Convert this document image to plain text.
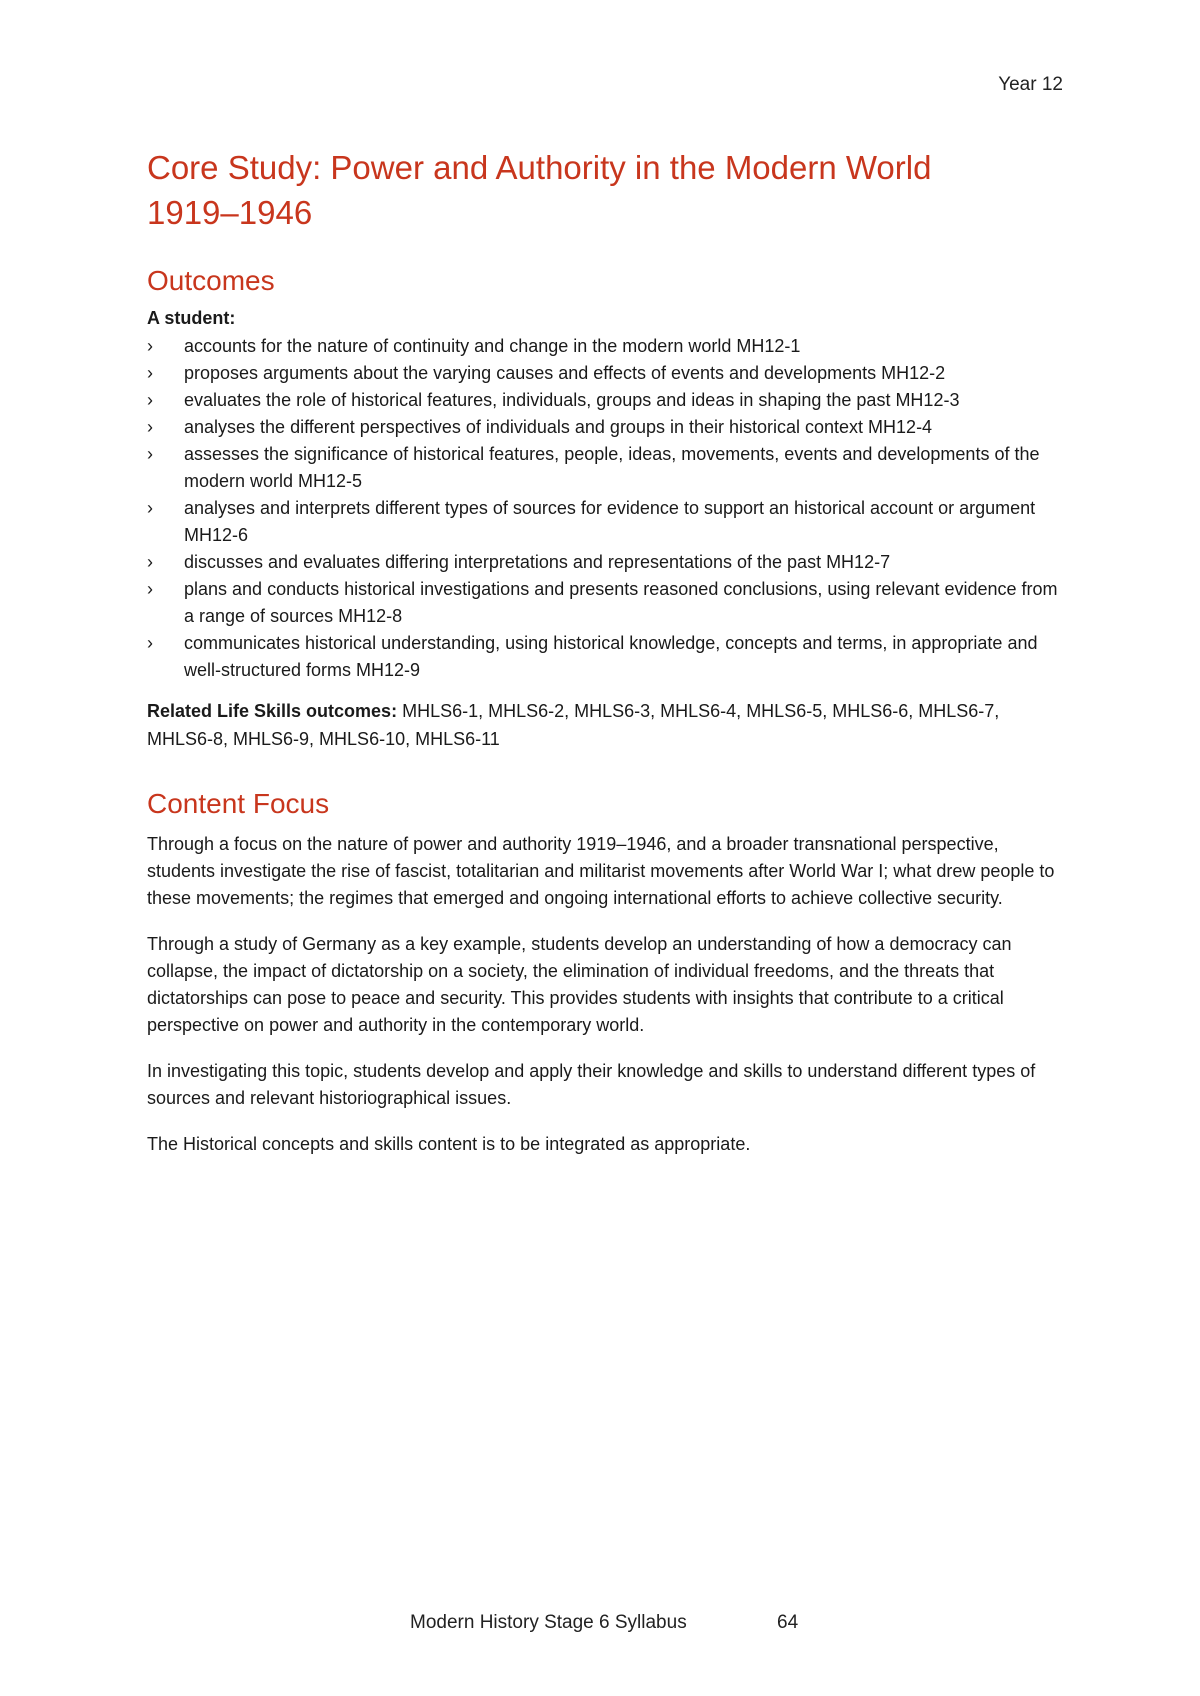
Year 12
Core Study: Power and Authority in the Modern World
1919–1946
Outcomes
A student:
› accounts for the nature of continuity and change in the modern world MH12-1
› proposes arguments about the varying causes and effects of events and developments MH12-2
› evaluates the role of historical features, individuals, groups and ideas in shaping the past MH12-3
› analyses the different perspectives of individuals and groups in their historical context MH12-4
› assesses the significance of historical features, people, ideas, movements, events and developments of the modern world MH12-5
› analyses and interprets different types of sources for evidence to support an historical account or argument MH12-6
› discusses and evaluates differing interpretations and representations of the past MH12-7
› plans and conducts historical investigations and presents reasoned conclusions, using relevant evidence from a range of sources MH12-8
› communicates historical understanding, using historical knowledge, concepts and terms, in appropriate and well-structured forms MH12-9

Related Life Skills outcomes: MHLS6-1, MHLS6-2, MHLS6-3, MHLS6-4, MHLS6-5, MHLS6-6, MHLS6-7, MHLS6-8, MHLS6-9, MHLS6-10, MHLS6-11

Content Focus

Through a focus on the nature of power and authority 1919–1946, and a broader transnational perspective, students investigate the rise of fascist, totalitarian and militarist movements after World War I; what drew people to these movements; the regimes that emerged and ongoing international efforts to achieve collective security.

Through a study of Germany as a key example, students develop an understanding of how a democracy can collapse, the impact of dictatorship on a society, the elimination of individual freedoms, and the threats that dictatorships can pose to peace and security. This provides students with insights that contribute to a critical perspective on power and authority in the contemporary world.

In investigating this topic, students develop and apply their knowledge and skills to understand different types of sources and relevant historiographical issues.

The Historical concepts and skills content is to be integrated as appropriate.

Modern History Stage 6 Syllabus	64
